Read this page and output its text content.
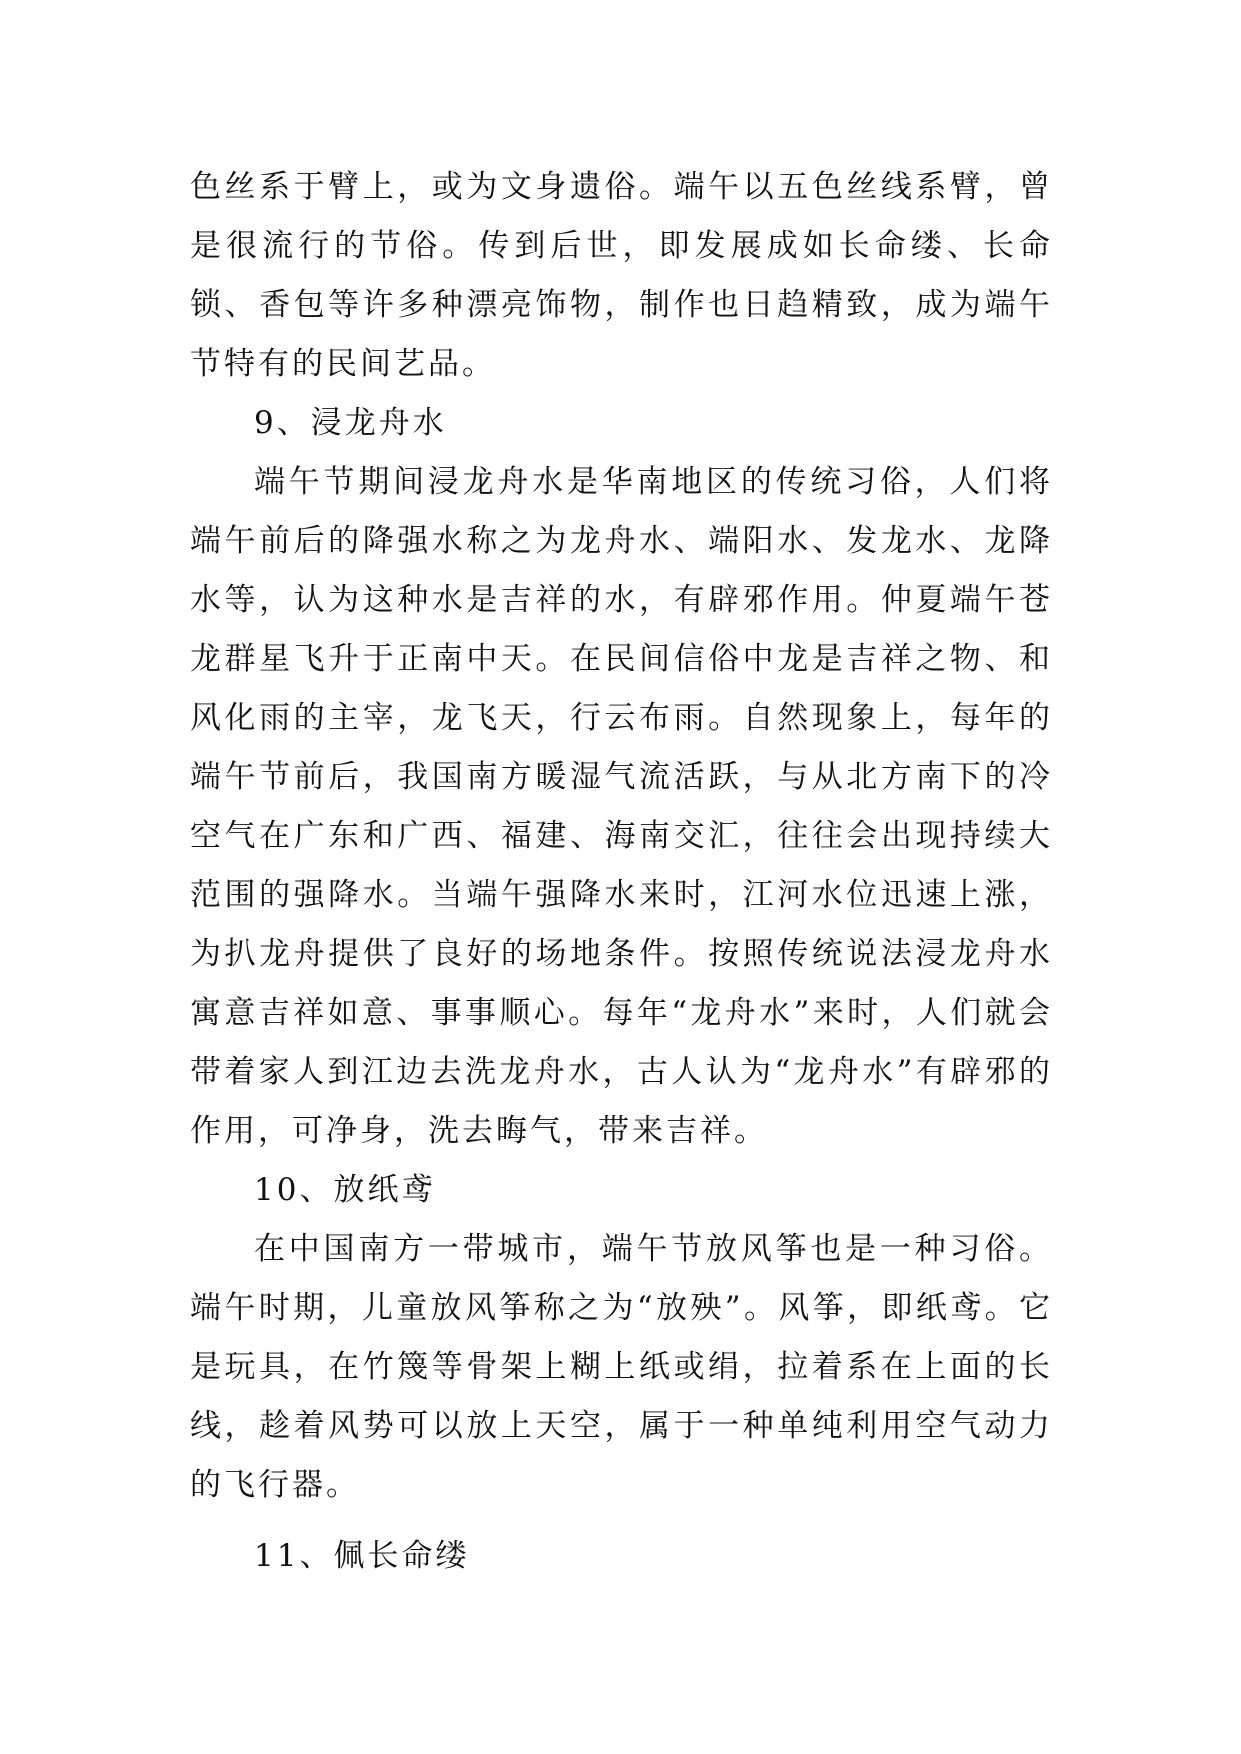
色丝系于臂上，或为文身遗俗。端午以五色丝线系臂，曾是很流行的节俗。传到后世，即发展成如长命缕、长命锁、香包等许多种漂亮饰物，制作也日趋精致，成为端午节特有的民间艺品。

9、浸龙舟水

端午节期间浸龙舟水是华南地区的传统习俗，人们将端午前后的降强水称之为龙舟水、端阳水、发龙水、龙降水等，认为这种水是吉祥的水，有辟邪作用。仲夏端午苍龙群星飞升于正南中天。在民间信俗中龙是吉祥之物、和风化雨的主宰，龙飞天，行云布雨。自然现象上，每年的端午节前后，我国南方暖湿气流活跃，与从北方南下的冷空气在广东和广西、福建、海南交汇，往往会出现持续大范围的强降水。当端午强降水来时，江河水位迅速上涨，为扒龙舟提供了良好的场地条件。按照传统说法浸龙舟水寓意吉祥如意、事事顺心。每年“龙舟水”来时，人们就会带着家人到江边去洗龙舟水，古人认为“龙舟水”有辟邪的作用，可净身，洗去晦气，带来吉祥。

10、放纸鸢

在中国南方一带城市，端午节放风筝也是一种习俗。端午时期，儿童放风筝称之为“放殃”。风筝，即纸鸢。它是玩具，在竹篾等骨架上糊上纸或绢，拉着系在上面的长线，趁着风势可以放上天空，属于一种单纯利用空气动力的飞行器。

11、佩长命缕
